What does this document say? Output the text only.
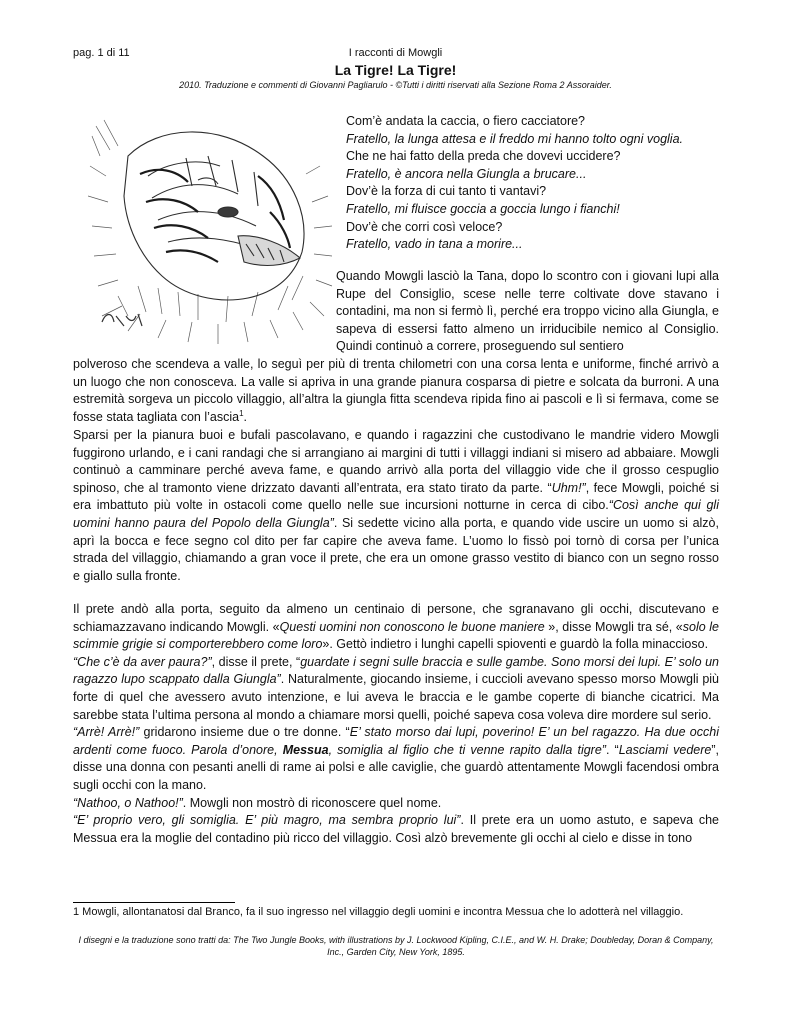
pag. 1 di 11	I racconti di Mowgli
La Tigre! La Tigre!
2010. Traduzione e commenti di Giovanni Pagliarulo - ©Tutti i diritti riservati alla Sezione Roma 2 Assoraider.
Com’è andata la caccia, o fiero cacciatore?
Fratello, la lunga attesa e il freddo mi hanno tolto ogni voglia.
Che ne hai fatto della preda che dovevi uccidere?
Fratello, è ancora nella Giungla a brucare...
Dov’è la forza di cui tanto ti vantavi?
Fratello, mi fluisce goccia a goccia lungo i fianchi!
Dov’è che corri così veloce?
Fratello, vado in tana a morire...
Quando Mowgli lasciò la Tana, dopo lo scontro con i giovani lupi alla Rupe del Consiglio, scese nelle terre coltivate dove stavano i contadini, ma non si fermò lì, perché era troppo vicino alla Giungla, e sapeva di essersi fatto almeno un irriducibile nemico al Consiglio. Quindi continuò a correre, proseguendo sul sentiero
polveroso che scendeva a valle, lo seguì per più di trenta chilometri con una corsa lenta e uniforme, finché arrivò a un luogo che non conosceva. La valle si apriva in una grande pianura cosparsa di pietre e solcata da burroni. A una estremità sorgeva un piccolo villaggio, all’altra la giungla fitta scendeva ripida fino ai pascoli e lì si fermava, come se fosse stata tagliata con l’ascia$^1$.
Sparsi per la pianura buoi e bufali pascolavano, e quando i ragazzini che custodivano le mandrie videro Mowgli fuggirono urlando, e i cani randagi che si arrangiano ai margini di tutti i villaggi indiani si misero ad abbaiare. Mowgli continuò a camminare perché aveva fame, e quando arrivò alla porta del villaggio vide che il grosso cespuglio spinoso, che al tramonto viene drizzato davanti all’entrata, era stato tirato da parte. “Uhm!”, fece Mowgli, poiché si era imbattuto più volte in ostacoli come quello nelle sue incursioni notturne in cerca di cibo.“Così anche qui gli uomini hanno paura del Popolo della Giungla”. Si sedette vicino alla porta, e quando vide uscire un uomo si alzò, aprì la bocca e fece segno col dito per far capire che aveva fame. L’uomo lo fissò poi tornò di corsa per l’unica strada del villaggio, chiamando a gran voce il prete, che era un omone grasso vestito di bianco con un segno rosso e giallo sulla fronte.
Il prete andò alla porta, seguito da almeno un centinaio di persone, che sgranavano gli occhi, discutevano e schiamazzavano indicando Mowgli. «Questi uomini non conoscono le buone maniere », disse Mowgli tra sé, «solo le scimmie grigie si comporterebbero come loro». Gettò indietro i lunghi capelli spioventi e guardò la folla minaccioso.
“Che c’è da aver paura?”, disse il prete, “guardate i segni sulle braccia e sulle gambe. Sono morsi dei lupi. E’ solo un ragazzo lupo scappato dalla Giungla”. Naturalmente, giocando insieme, i cuccioli avevano spesso morso Mowgli più forte di quel che avessero avuto intenzione, e lui aveva le braccia e le gambe coperte di bianche cicatrici. Ma sarebbe stata l’ultima persona al mondo a chiamare morsi quelli, poiché sapeva cosa voleva dire mordere sul serio.
“Arrè! Arrè!” gridarono insieme due o tre donne. “E’ stato morso dai lupi, poverino! E’ un bel ragazzo. Ha due occhi ardenti come fuoco. Parola d’onore, Messua, somiglia al figlio che ti venne rapito dalla tigre”. “Lasciami vedere”, disse una donna con pesanti anelli di rame ai polsi e alle caviglie, che guardò attentamente Mowgli facendosi ombra sugli occhi con la mano.
“Nathoo, o Nathoo!”. Mowgli non mostrò di riconoscere quel nome.
“E’ proprio vero, gli somiglia. E’ più magro, ma sembra proprio lui”. Il prete era un uomo astuto, e sapeva che Messua era la moglie del contadino più ricco del villaggio. Così alzò brevemente gli occhi al cielo e disse in tono
1 Mowgli, allontanatosi dal Branco, fa il suo ingresso nel villaggio degli uomini e incontra Messua che lo adotterà nel villaggio.
I disegni e la traduzione sono tratti da: The Two Jungle Books, with illustrations by J. Lockwood Kipling, C.I.E., and W. H. Drake; Doubleday, Doran & Company, Inc., Garden City, New York, 1895.
